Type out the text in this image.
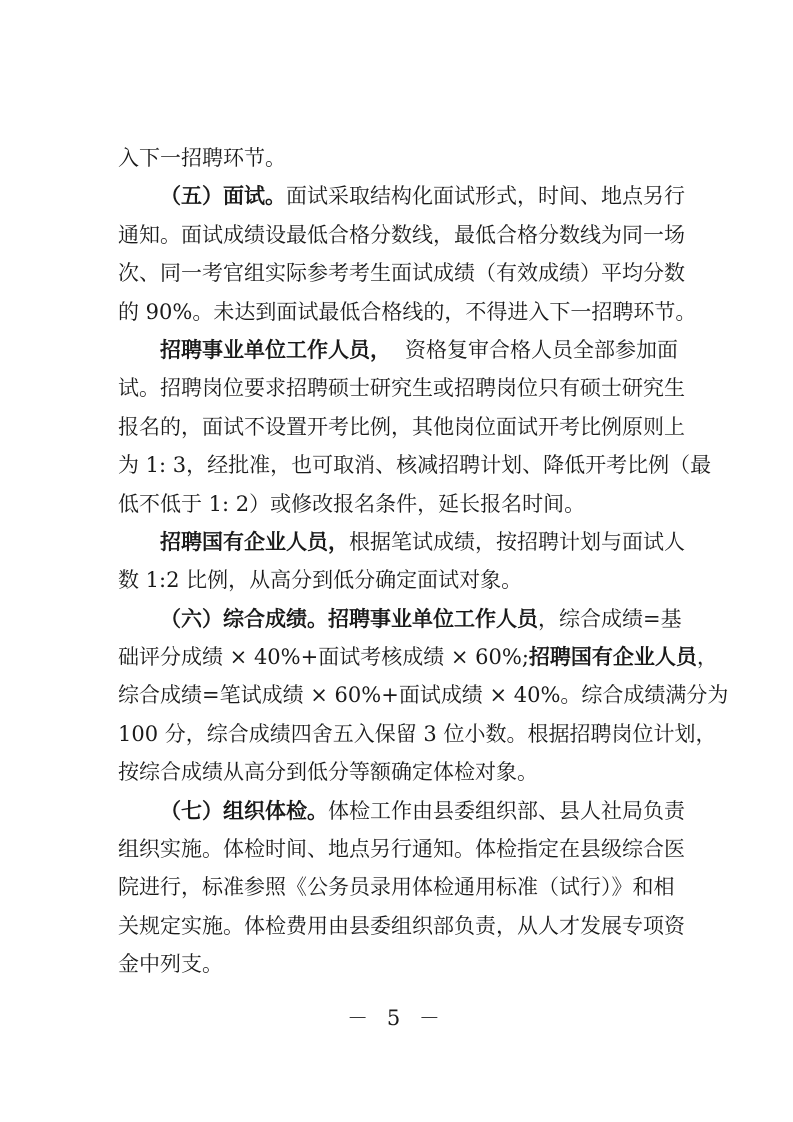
入下一招聘环节。
（五）面试。 面试采取结构化面试形式，时间、地点另行
通知。面试成绩设最低合格分数线，最低合格分数线为同一场
次、同一考官组实际参考考生面试成绩（有效成绩）平均分数
的 90%。未达到面试最低合格线的，不得进入下一招聘环节。
招聘事业单位工作人员， 资格复审合格人员全部参加面
试。招聘岗位要求招聘硕士研究生或招聘岗位只有硕士研究生
报名的，面试不设置开考比例，其他岗位面试开考比例原则上
为 1: 3，经批准，也可取消、核减招聘计划、降低开考比例（最
低不低于 1: 2）或修改报名条件，延长报名时间。
招聘国有企业人员， 根据笔试成绩，按招聘计划与面试人
数 1:2 比例，从高分到低分确定面试对象。
（六）综合成绩。招聘事业单位工作人员 ，综合成绩=基
础评分成绩 × 40%+面试考核成绩 × 60%; 招聘国有企业人员，
综合成绩=笔试成绩 × 60%+面试成绩 × 40%。综合成绩满分为
100 分，综合成绩四舍五入保留 3 位小数。根据招聘岗位计划，
按综合成绩从高分到低分等额确定体检对象。
（七）组织体检。 体检工作由县委组织部、县人社局负责
组织实施。体检时间、地点另行通知。体检指定在县级综合医
院进行，标准参照《公务员录用体检通用标准（试行）》和相
关规定实施。体检费用由县委组织部负责，从人才发展专项资
金中列支。
－ 5 －
